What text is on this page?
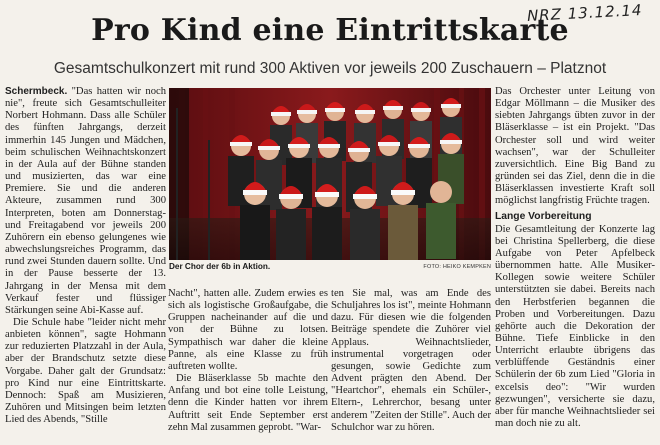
NRZ 13.12.14
Pro Kind eine Eintrittskarte
Gesamtschulkonzert mit rund 300 Aktiven vor jeweils 200 Zuschauern – Platznot

Schermbeck. "Das hatten wir noch nie", freute sich Gesamtschulleiter Norbert Hohmann. Dass alle Schüler des fünften Jahrgangs, derzeit immerhin 145 Jungen und Mädchen, beim schulischen Weihnachtskonzert in der Aula auf der Bühne standen und musizierten, das war eine Premiere. Sie und die anderen Akteure, zusammen rund 300 Interpreten, boten am Donnerstag- und Freitagabend vor jeweils 200 Zuhörern ein ebenso gelungenes wie abwechslungsreiches Programm, das rund zwei Stunden dauern sollte. Und in der Pause besserte der 13. Jahrgang in der Mensa mit dem Verkauf fester und flüssiger Stärkungen seine Abi-Kasse auf.

Die Schule habe "leider nicht mehr anbieten können", sagte Hohmann zur reduzierten Platzzahl in der Aula, aber der Brandschutz setzte diese Vorgabe. Daher galt der Grundsatz: pro Kind nur eine Eintrittskarte. Dennoch: Spaß am Musizieren, Zuhören und Mitsingen beim letzten Lied des Abends, "Stille

Der Chor der 6b in Aktion.	FOTO: HEIKO KEMPKEN

Nacht", hatten alle. Zudem erwies es sich als logistische Großaufgabe, die Gruppen nacheinander auf die und von der Bühne zu lotsen. Sympathisch war daher die kleine Panne, als eine Klasse zu früh auftreten wollte.

Die Bläserklasse 5b machte den Anfang und bot eine tolle Leistung, denn die Kinder hatten vor ihrem Auftritt seit Ende September erst zehn Mal zusammen geprobt. "War-

ten Sie mal, was am Ende des Schuljahres los ist", meinte Hohmann dazu. Für diesen wie die folgenden Beiträge spendete die Zuhörer viel Applaus. Weihnachtslieder, instrumental vorgetragen oder gesungen, sowie Gedichte zum Advent prägten den Abend. Der "Heartchor", ehemals ein Schüler-, Eltern-, Lehrerchor, besang unter anderem "Zeiten der Stille". Auch der Schulchor war zu hören.

Das Orchester unter Leitung von Edgar Möllmann – die Musiker des siebten Jahrgangs übten zuvor in der Bläserklasse – ist ein Projekt. "Das Orchester soll und wird weiter wachsen", war der Schulleiter zuversichtlich. Eine Big Band zu gründen sei das Ziel, denn die in die Bläserklassen investierte Kraft soll möglichst langfristig Früchte tragen.

Lange Vorbereitung

Die Gesamtleitung der Konzerte lag bei Christina Spellerberg, die diese Aufgabe von Peter Apfelbeck übernommen hatte. Alle Musiker-Kollegen sowie weitere Schüler unterstützten sie dabei. Bereits nach den Herbstferien begannen die Proben und Vorbereitungen. Dazu gehörte auch die Dekoration der Bühne. Tiefe Einblicke in den Unterricht erlaubte übrigens das verblüffende Geständnis einer Schülerin der 6b zum Lied "Gloria in excelsis deo": "Wir wurden gezwungen", versicherte sie dazu, aber für manche Weihnachtslieder sei man doch nie zu alt.
